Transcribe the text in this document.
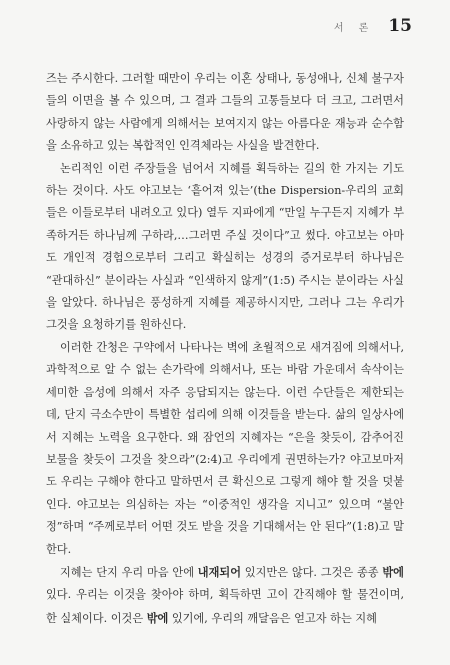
서 론 15

즈는 주시한다. 그러할 때만이 우리는 이혼 상태나, 동성애나, 신체 불구자들의 이면을 볼 수 있으며, 그 결과 그들의 고통들보다 더 크고, 그러면서 사랑하지 않는 사람에게 의해서는 보여지지 않는 아름다운 재능과 순수함을 소유하고 있는 복합적인 인격체라는 사실을 발견한다.

논리적인 이런 주장들을 넘어서 지혜를 획득하는 길의 한 가지는 기도하는 것이다. 사도 야고보는 ‘흩어져 있는’(the Dispersion-우리의 교회들은 이들로부터 내려오고 있다) 열두 지파에게 “만일 누구든지 지혜가 부족하거든 하나님께 구하라,…그러면 주실 것이다”고 썼다. 야고보는 아마도 개인적 경험으로부터 그리고 확실히는 성경의 증거로부터 하나님은 “관대하신” 분이라는 사실과 “인색하지 않게”(1:5) 주시는 분이라는 사실을 알았다. 하나님은 풍성하게 지혜를 제공하시지만, 그러나 그는 우리가 그것을 요청하기를 원하신다.

이러한 간청은 구약에서 나타나는 벽에 초월적으로 새겨짐에 의해서나, 과학적으로 알 수 없는 손가락에 의해서나, 또는 바람 가운데서 속삭이는 세미한 음성에 의해서 자주 응답되지는 않는다. 이런 수단들은 제한되는데, 단지 극소수만이 특별한 섭리에 의해 이것들을 받는다. 삶의 일상사에서 지혜는 노력을 요구한다. 왜 잠언의 지혜자는 “은을 찾듯이, 감추어진 보물을 찾듯이 그것을 찾으라”(2:4)고 우리에게 권면하는가? 야고보마저도 우리는 구해야 한다고 말하면서 큰 확신으로 그렇게 해야 할 것을 덧붙인다. 야고보는 의심하는 자는 “이중적인 생각을 지니고” 있으며 “불안정”하며 “주께로부터 어떤 것도 받을 것을 기대해서는 안 된다”(1:8)고 말한다.

지혜는 단지 우리 마음 안에 내재되어 있지만은 않다. 그것은 종종 밖에 있다. 우리는 이것을 찾아야 하며, 획득하면 고이 간직해야 할 물건이며, 한 실체이다. 이것은 밖에 있기에, 우리의 깨달음은 얻고자 하는 지혜
